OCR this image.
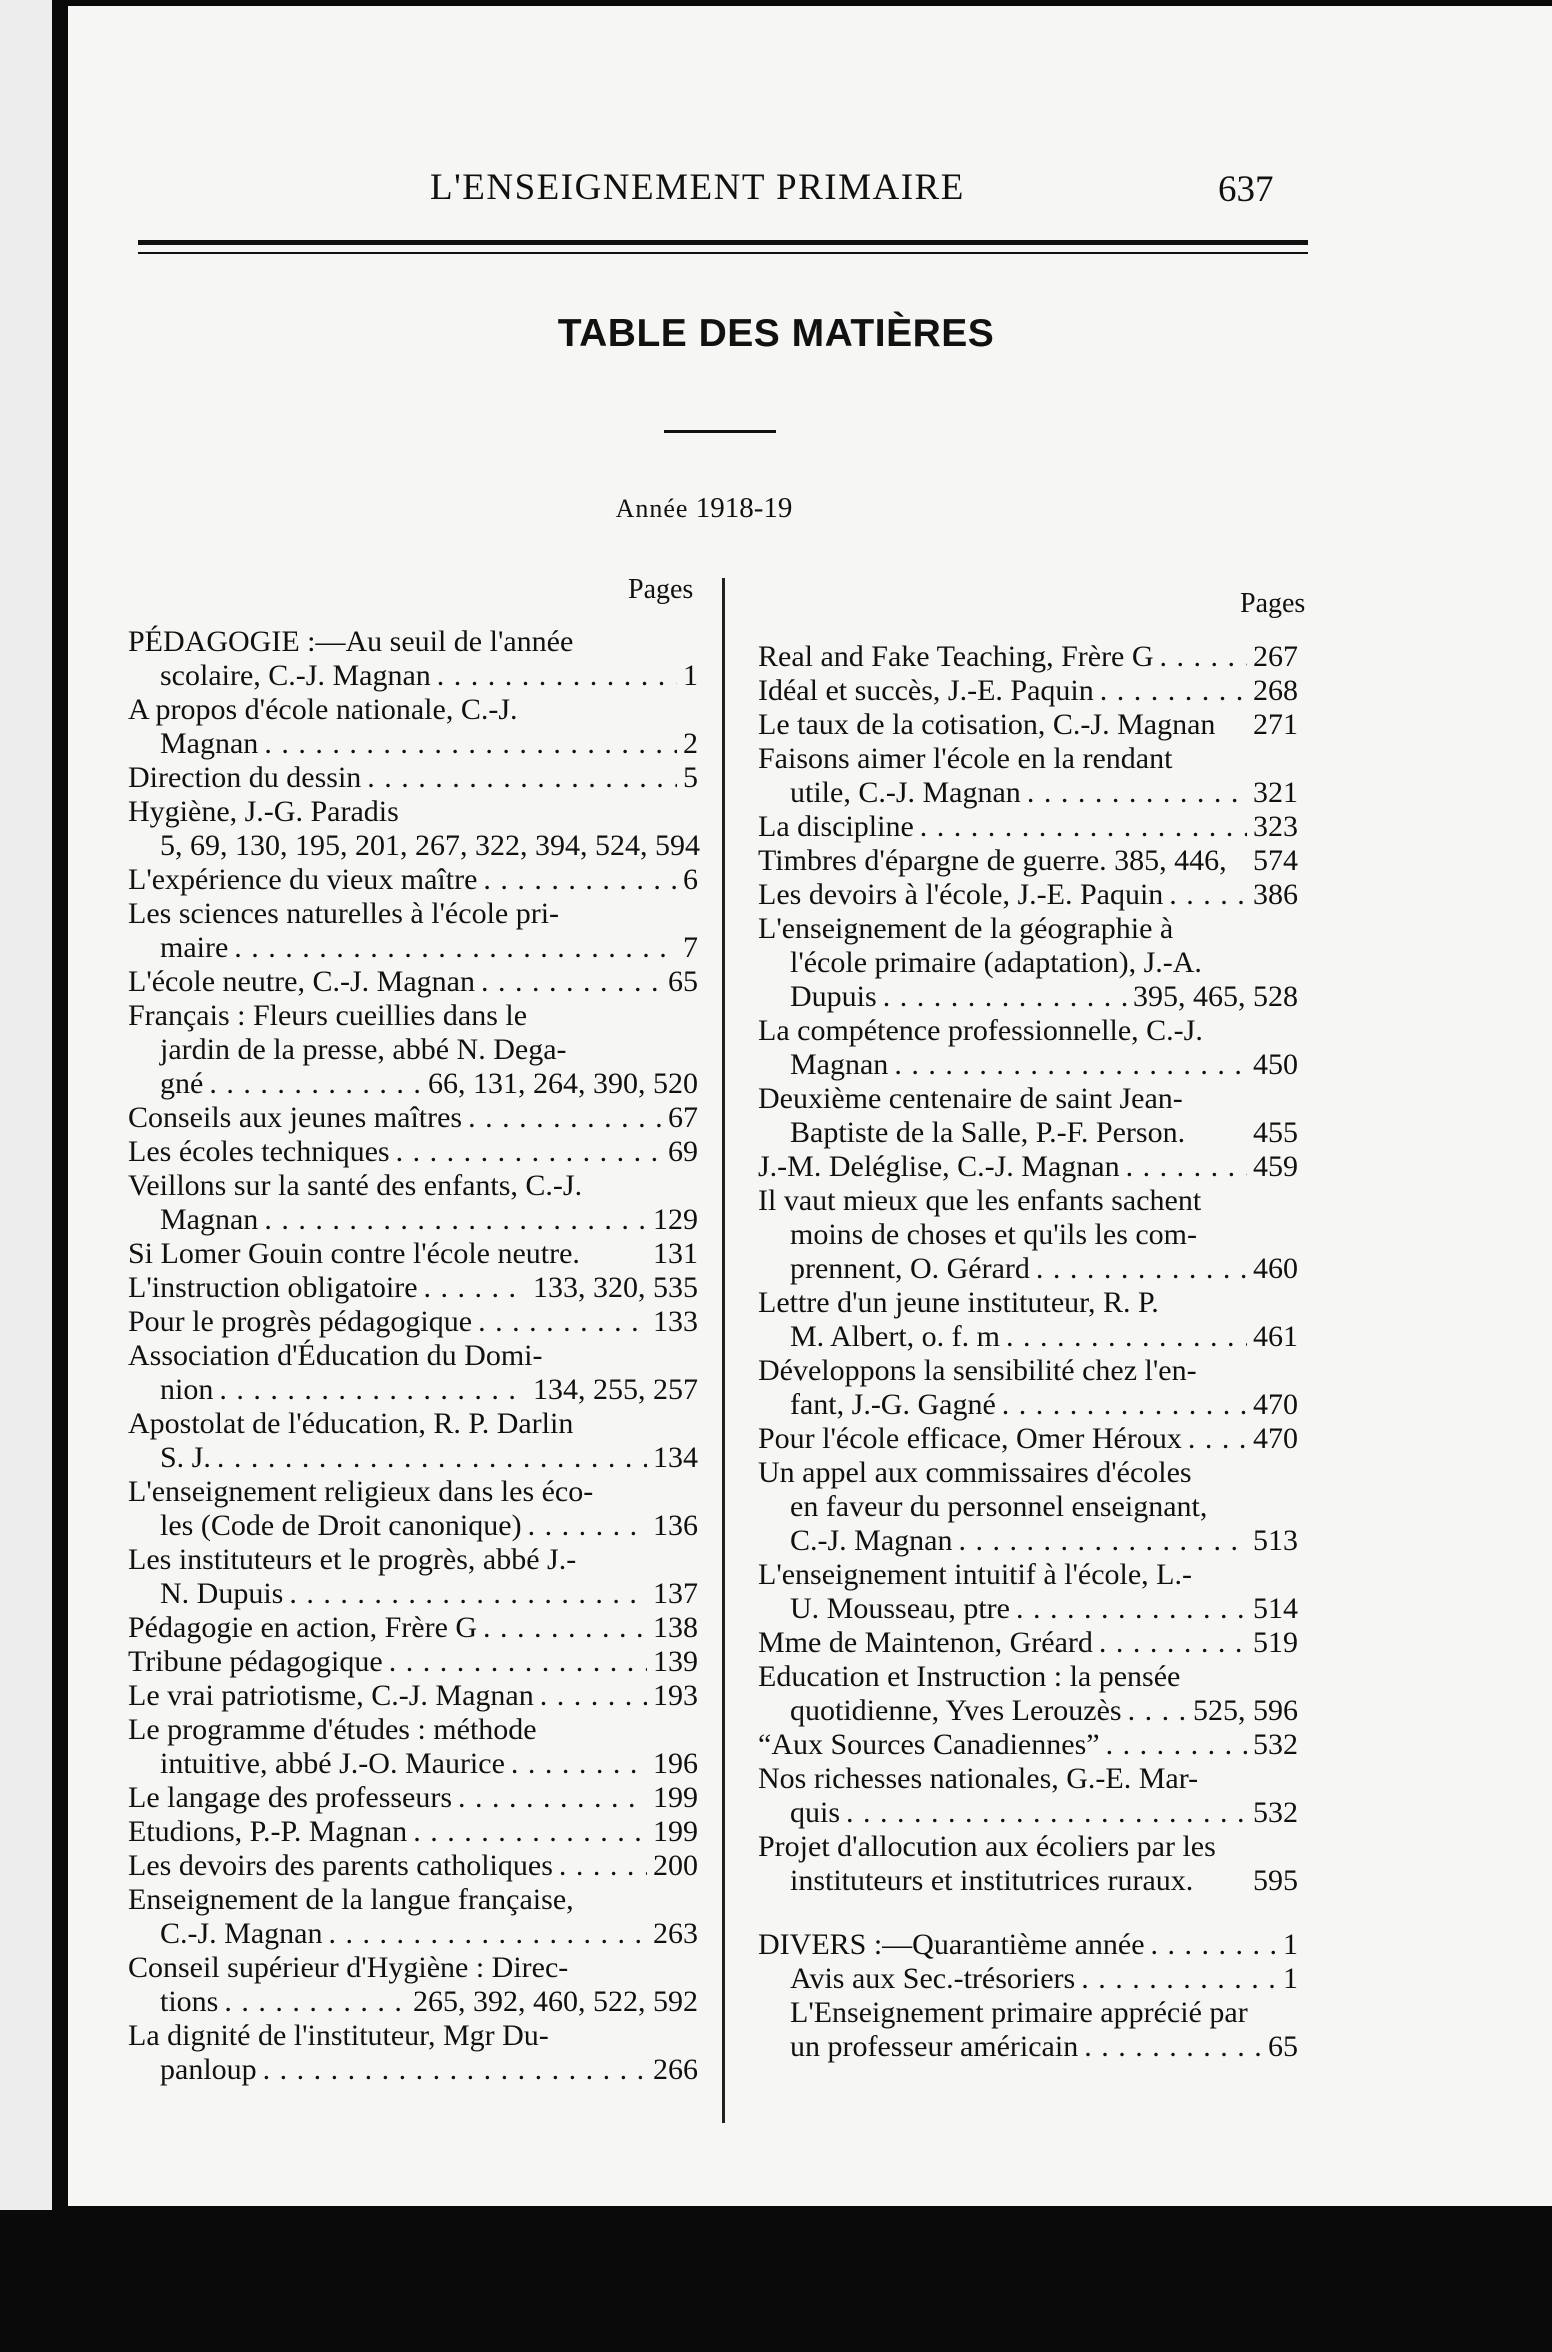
L'ENSEIGNEMENT PRIMAIRE	637
TABLE DES MATIÈRES
Année 1918-19
Pages	Pages
PÉDAGOGIE :—Au seuil de l'année
scolaire, C.-J. Magnan . . .	1
A propos d'école nationale, C.-J.
Magnan . . .	2
Direction du dessin . . .	5
Hygiène, J.-G. Paradis
5, 69, 130, 195, 201, 267, 322, 394, 524, 594
L'expérience du vieux maître . . .	6
Les sciences naturelles à l'école pri-
maire . . .	7
L'école neutre, C.-J. Magnan . . .	65
Français : Fleurs cueillies dans le
jardin de la presse, abbé N. Dega-
gné . . .	66, 131, 264, 390, 520
Conseils aux jeunes maîtres . . .	67
Les écoles techniques . . .	69
Veillons sur la santé des enfants, C.-J.
Magnan . . .	129
Si Lomer Gouin contre l'école neutre. 131
L'instruction obligatoire . . .	133, 320, 535
Pour le progrès pédagogique . . .	133
Association d'Éducation du Domi-
nion . . .	134, 255, 257
Apostolat de l'éducation, R. P. Darlin
S. J. . . .	134
L'enseignement religieux dans les éco-
les (Code de Droit canonique) . . .	136
Les instituteurs et le progrès, abbé J.-
N. Dupuis . . .	137
Pédagogie en action, Frère G . . .	138
Tribune pédagogique . . .	139
Le vrai patriotisme, C.-J. Magnan . . .	193
Le programme d'études : méthode
intuitive, abbé J.-O. Maurice . . .	196
Le langage des professeurs . . .	199
Etudions, P.-P. Magnan . . .	199
Les devoirs des parents catholiques . . .	200
Enseignement de la langue française,
C.-J. Magnan . . .	263
Conseil supérieur d'Hygiène : Direc-
tions . . .	265, 392, 460, 522, 592
La dignité de l'instituteur, Mgr Du-
panloup . . .	266
Real and Fake Teaching, Frère G . . .	267
Idéal et succès, J.-E. Paquin . . .	268
Le taux de la cotisation, C.-J. Magnan 271
Faisons aimer l'école en la rendant
utile, C.-J. Magnan . . .	321
La discipline . . .	323
Timbres d'épargne de guerre. 385, 446, 574
Les devoirs à l'école, J.-E. Paquin . . .	386
L'enseignement de la géographie à
l'école primaire (adaptation), J.-A.
Dupuis . . .	395, 465, 528
La compétence professionnelle, C.-J.
Magnan . . .	450
Deuxième centenaire de saint Jean-
Baptiste de la Salle, P.-F. Person. 455
J.-M. Deléglise, C.-J. Magnan . . .	459
Il vaut mieux que les enfants sachent
moins de choses et qu'ils les com-
prennent, O. Gérard . . .	460
Lettre d'un jeune instituteur, R. P.
M. Albert, o. f. m . . .	461
Développons la sensibilité chez l'en-
fant, J.-G. Gagné . . .	470
Pour l'école efficace, Omer Héroux . . . 470
Un appel aux commissaires d'écoles
en faveur du personnel enseignant,
C.-J. Magnan . . .	513
L'enseignement intuitif à l'école, L.-
U. Mousseau, ptre . . .	514
Mme de Maintenon, Gréard . . .	519
Education et Instruction : la pensée
quotidienne, Yves Lerouzès . . . 525, 596
“Aux Sources Canadiennes” . . .	532
Nos richesses nationales, G.-E. Mar-
quis . . .	532
Projet d'allocution aux écoliers par les
instituteurs et institutrices ruraux. 595
DIVERS :—Quarantième année . . .	1
Avis aux Sec.-trésoriers . . .	1
L'Enseignement primaire apprécié par
un professeur américain . . .	65
